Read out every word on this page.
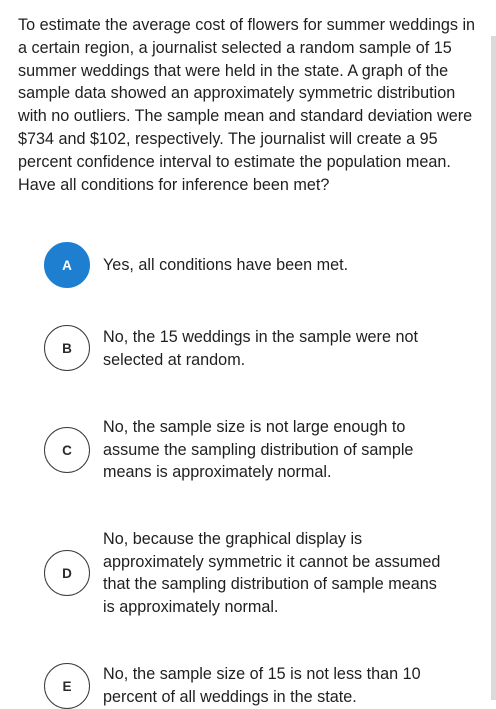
To estimate the average cost of flowers for summer weddings in a certain region, a journalist selected a random sample of 15 summer weddings that were held in the state. A graph of the sample data showed an approximately symmetric distribution with no outliers. The sample mean and standard deviation were $734 and $102, respectively. The journalist will create a 95 percent confidence interval to estimate the population mean. Have all conditions for inference been met?

A	Yes, all conditions have been met.
B
No, the 15 weddings in the sample were not selected at random.
C
No, the sample size is not large enough to assume the sampling distribution of sample means is approximately normal.
D
No, because the graphical display is approximately symmetric it cannot be assumed that the sampling distribution of sample means is approximately normal.
E
No, the sample size of 15 is not less than 10 percent of all weddings in the state.
